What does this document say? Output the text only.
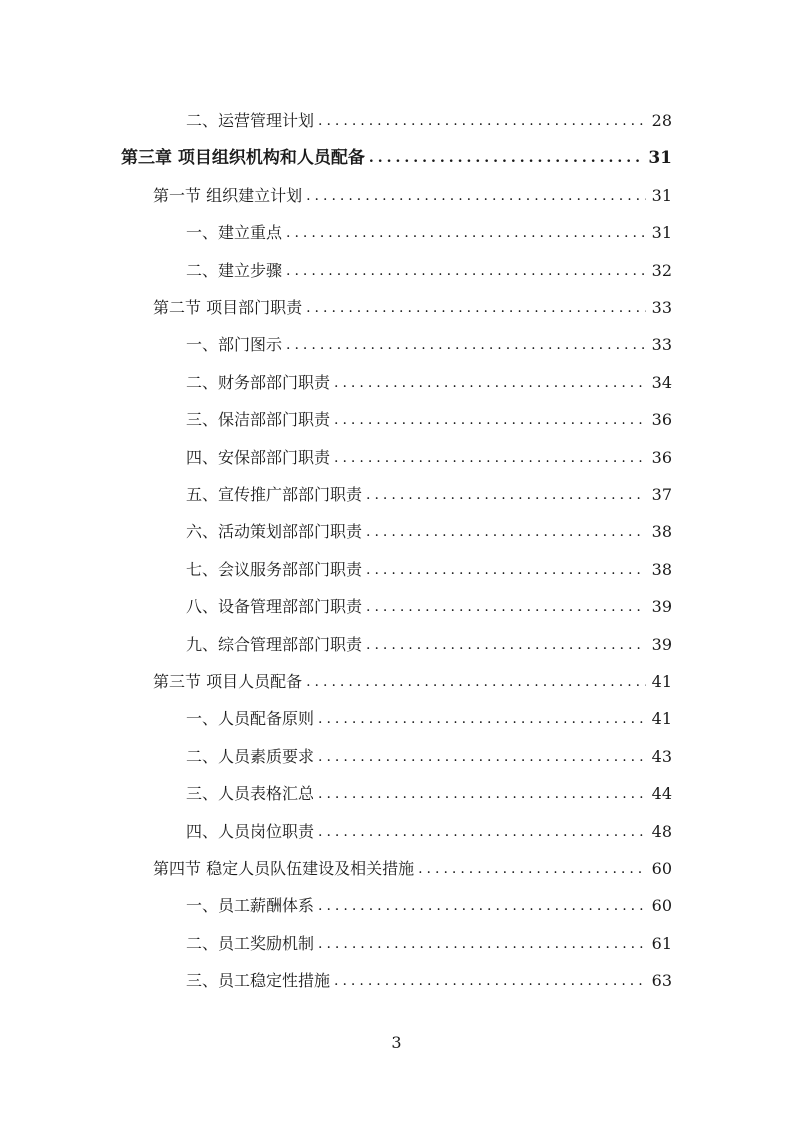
二、运营管理计划 .....	28
第三章 项目组织机构和人员配备 .....	31
第一节 组织建立计划 .....	31
一、建立重点 .....	31
二、建立步骤 .....	32
第二节 项目部门职责 .....	33
一、部门图示 .....	33
二、财务部部门职责 .....	34
三、保洁部部门职责 .....	36
四、安保部部门职责 .....	36
五、宣传推广部部门职责 .....	37
六、活动策划部部门职责 .....	38
七、会议服务部部门职责 .....	38
八、设备管理部部门职责 .....	39
九、综合管理部部门职责 .....	39
第三节 项目人员配备 .....	41
一、人员配备原则 .....	41
二、人员素质要求 .....	43
三、人员表格汇总 .....	44
四、人员岗位职责 .....	48
第四节 稳定人员队伍建设及相关措施 .....	60
一、员工薪酬体系 .....	60
二、员工奖励机制 .....	61
三、员工稳定性措施 .....	63
3
